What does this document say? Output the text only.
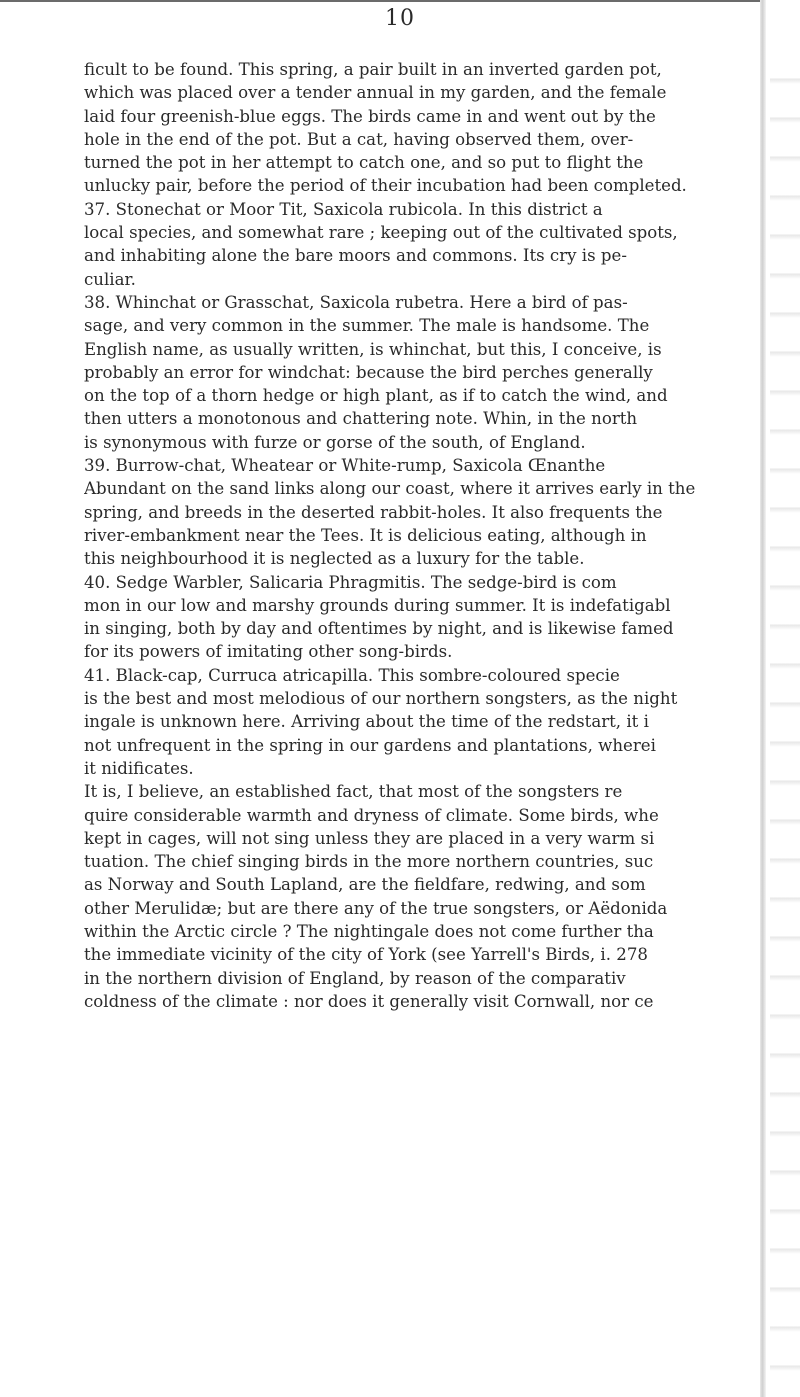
10
ficult to be found. This spring, a pair built in an inverted garden pot,
which was placed over a tender annual in my garden, and the female
laid four greenish-blue eggs. The birds came in and went out by the
hole in the end of the pot. But a cat, having observed them, over-
turned the pot in her attempt to catch one, and so put to flight the
unlucky pair, before the period of their incubation had been completed.
37. Stonechat or Moor Tit, Saxicola rubicola. In this district a
local species, and somewhat rare ; keeping out of the cultivated spots,
and inhabiting alone the bare moors and commons. Its cry is pe-
culiar.
38. Whinchat or Grasschat, Saxicola rubetra. Here a bird of pas-
sage, and very common in the summer. The male is handsome. The
English name, as usually written, is whinchat, but this, I conceive, is
probably an error for windchat: because the bird perches generally
on the top of a thorn hedge or high plant, as if to catch the wind, and
then utters a monotonous and chattering note. Whin, in the north
is synonymous with furze or gorse of the south, of England.
39. Burrow-chat, Wheatear or White-rump, Saxicola Œnanthe
Abundant on the sand links along our coast, where it arrives early in the
spring, and breeds in the deserted rabbit-holes. It also frequents the
river-embankment near the Tees. It is delicious eating, although in
this neighbourhood it is neglected as a luxury for the table.
40. Sedge Warbler, Salicaria Phragmitis. The sedge-bird is com
mon in our low and marshy grounds during summer. It is indefatigabl
in singing, both by day and oftentimes by night, and is likewise famed
for its powers of imitating other song-birds.
41. Black-cap, Curruca atricapilla. This sombre-coloured specie
is the best and most melodious of our northern songsters, as the night
ingale is unknown here. Arriving about the time of the redstart, it i
not unfrequent in the spring in our gardens and plantations, wherei
it nidificates.
It is, I believe, an established fact, that most of the songsters re
quire considerable warmth and dryness of climate. Some birds, whe
kept in cages, will not sing unless they are placed in a very warm si
tuation. The chief singing birds in the more northern countries, suc
as Norway and South Lapland, are the fieldfare, redwing, and som
other Merulidæ; but are there any of the true songsters, or Aëdonida
within the Arctic circle ? The nightingale does not come further tha
the immediate vicinity of the city of York (see Yarrell's Birds, i. 278
in the northern division of England, by reason of the comparativ
coldness of the climate : nor does it generally visit Cornwall, nor ce
